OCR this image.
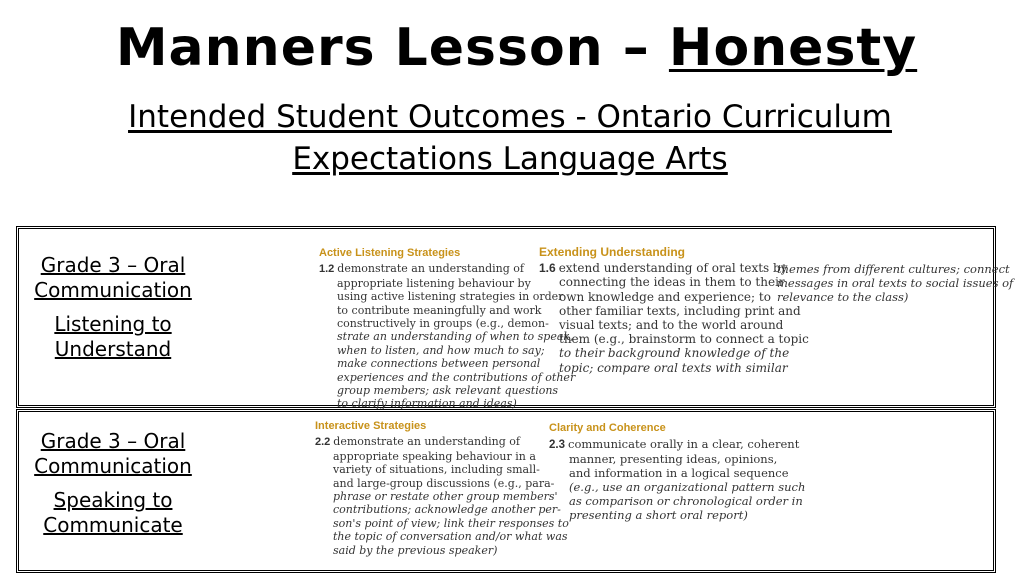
Manners Lesson – Honesty
Intended Student Outcomes - Ontario Curriculum
Expectations Language Arts
Grade 3 – Oral
Communication
Listening to
Understand
Active Listening Strategies
1.2 demonstrate an understanding of
appropriate listening behaviour by
using active listening strategies in order
to contribute meaningfully and work
constructively in groups (e.g., demon-
strate an understanding of when to speak,
when to listen, and how much to say;
make connections between personal
experiences and the contributions of other
group members; ask relevant questions
to clarify information and ideas)
Extending Understanding
1.6 extend understanding of oral texts by
connecting the ideas in them to their
own knowledge and experience; to
other familiar texts, including print and
visual texts; and to the world around
them (e.g., brainstorm to connect a topic
to their background knowledge of the
topic; compare oral texts with similar
themes from different cultures; connect
messages in oral texts to social issues of
relevance to the class)
Grade 3 – Oral
Communication
Speaking to
Communicate
Interactive Strategies
2.2 demonstrate an understanding of
appropriate speaking behaviour in a
variety of situations, including small-
and large-group discussions (e.g., para-
phrase or restate other group members'
contributions; acknowledge another per-
son's point of view; link their responses to
the topic of conversation and/or what was
said by the previous speaker)
Clarity and Coherence
2.3 communicate orally in a clear, coherent
manner, presenting ideas, opinions,
and information in a logical sequence
(e.g., use an organizational pattern such
as comparison or chronological order in
presenting a short oral report)
